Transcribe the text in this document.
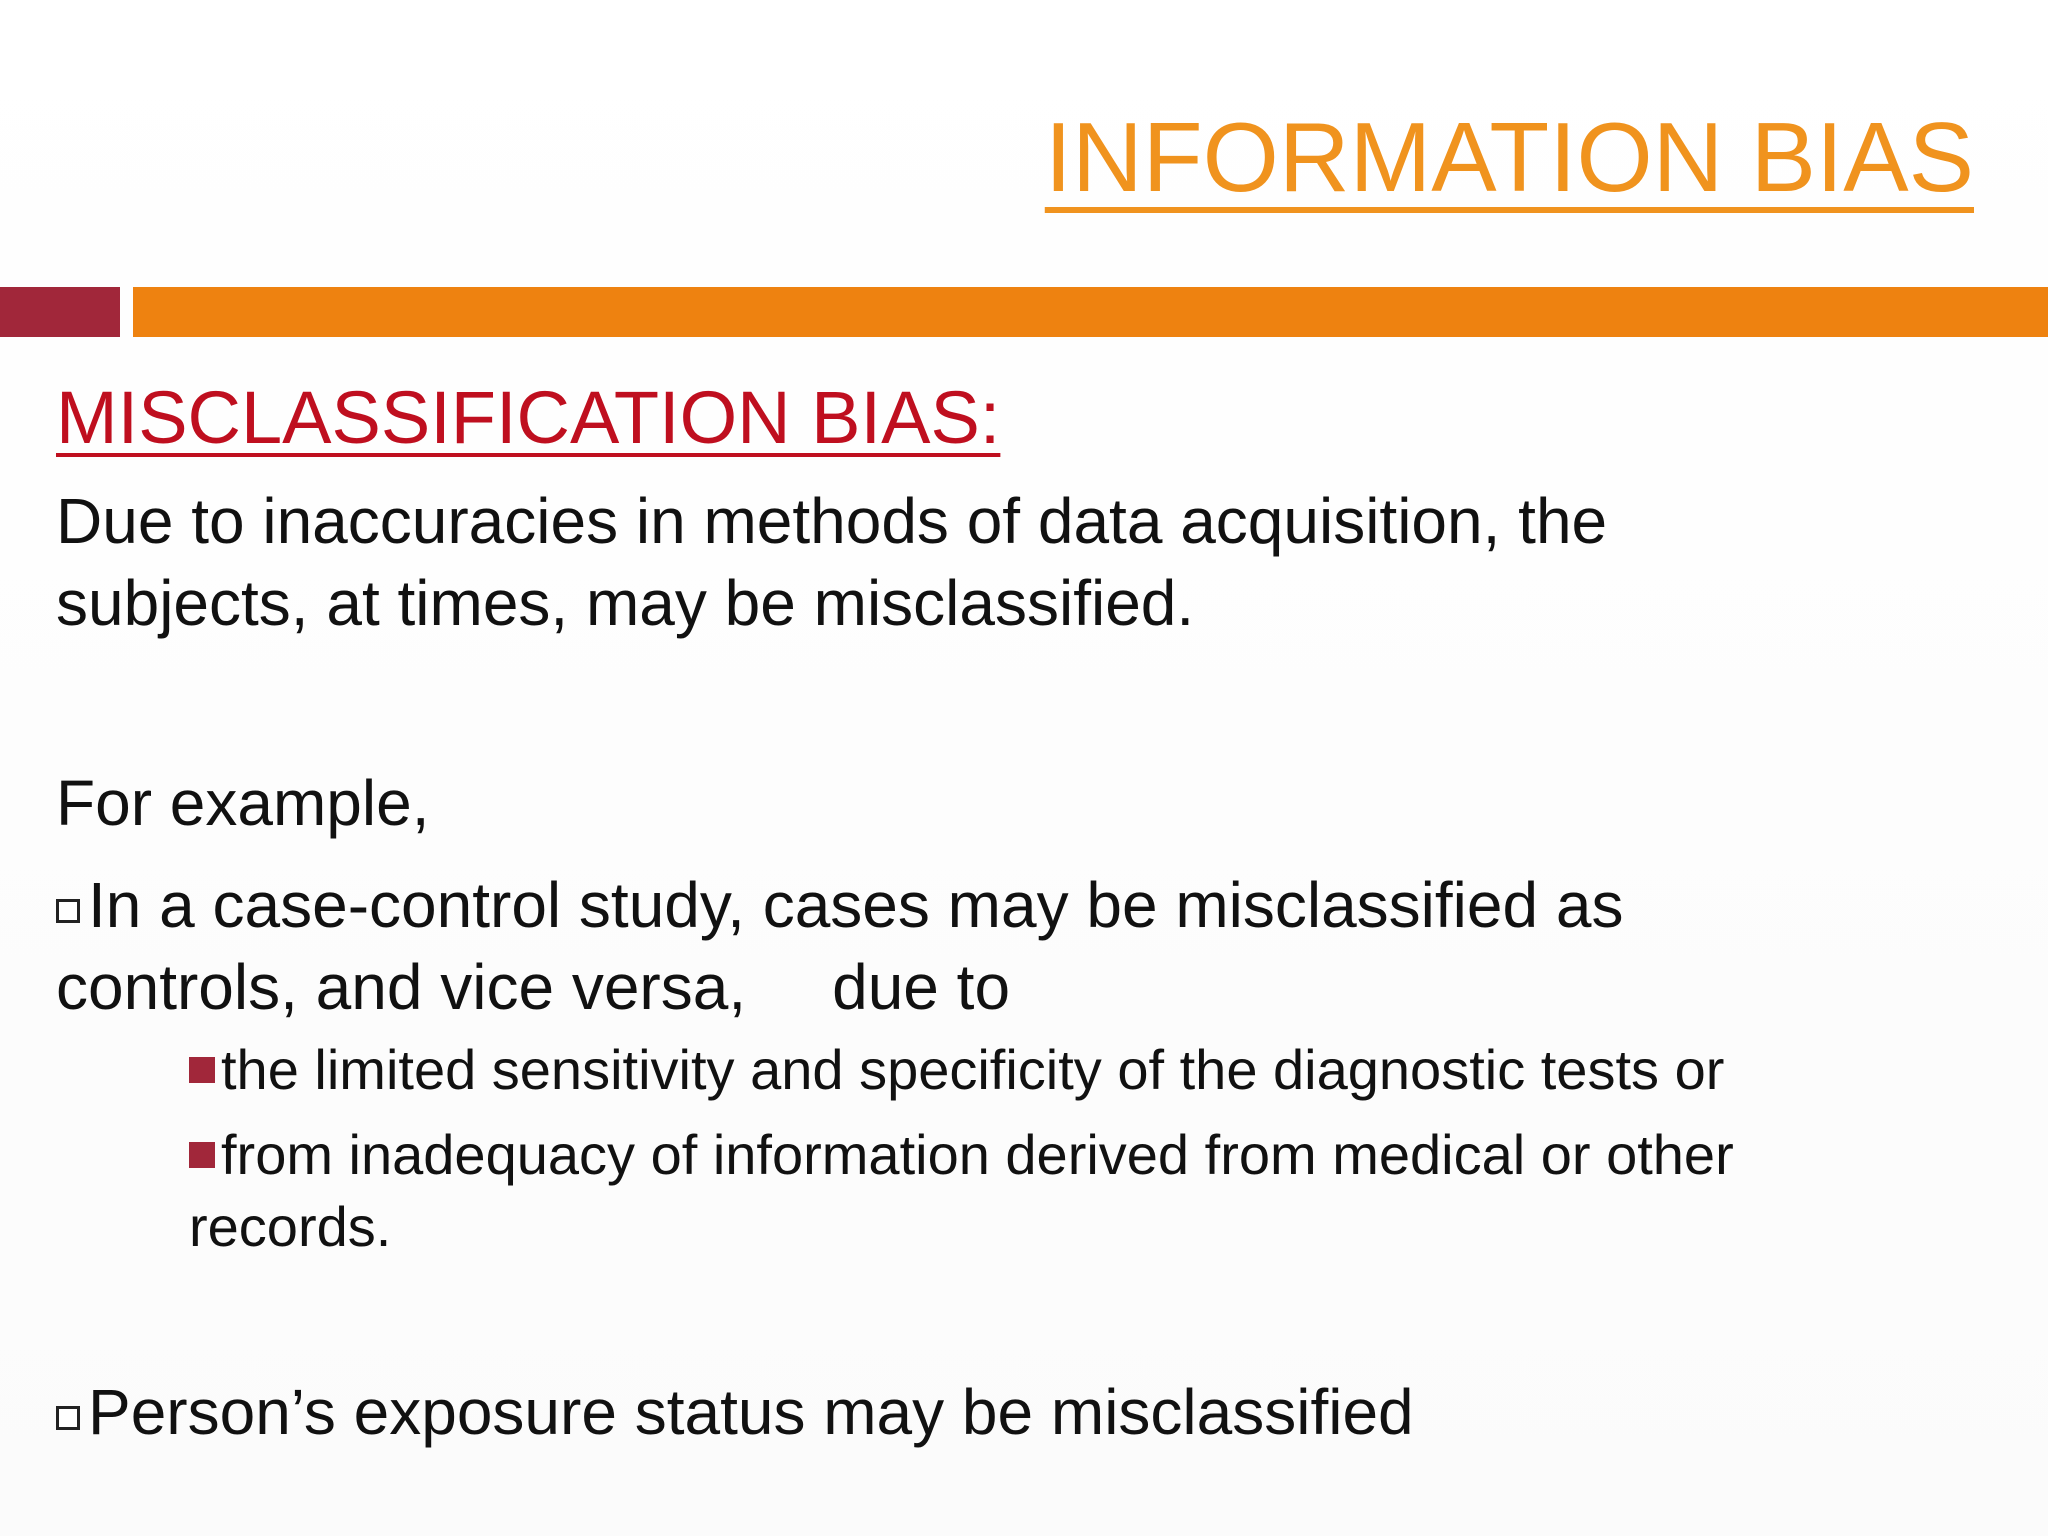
INFORMATION BIAS
MISCLASSIFICATION BIAS:
Due to inaccuracies in methods of data acquisition, the
subjects, at times, may be misclassified.
For example,
In a case-control study, cases may be misclassified as
controls, and vice versa, due to
the limited sensitivity and specificity of the diagnostic tests or
from inadequacy of information derived from medical or other
records.
Person’s exposure status may be misclassified
